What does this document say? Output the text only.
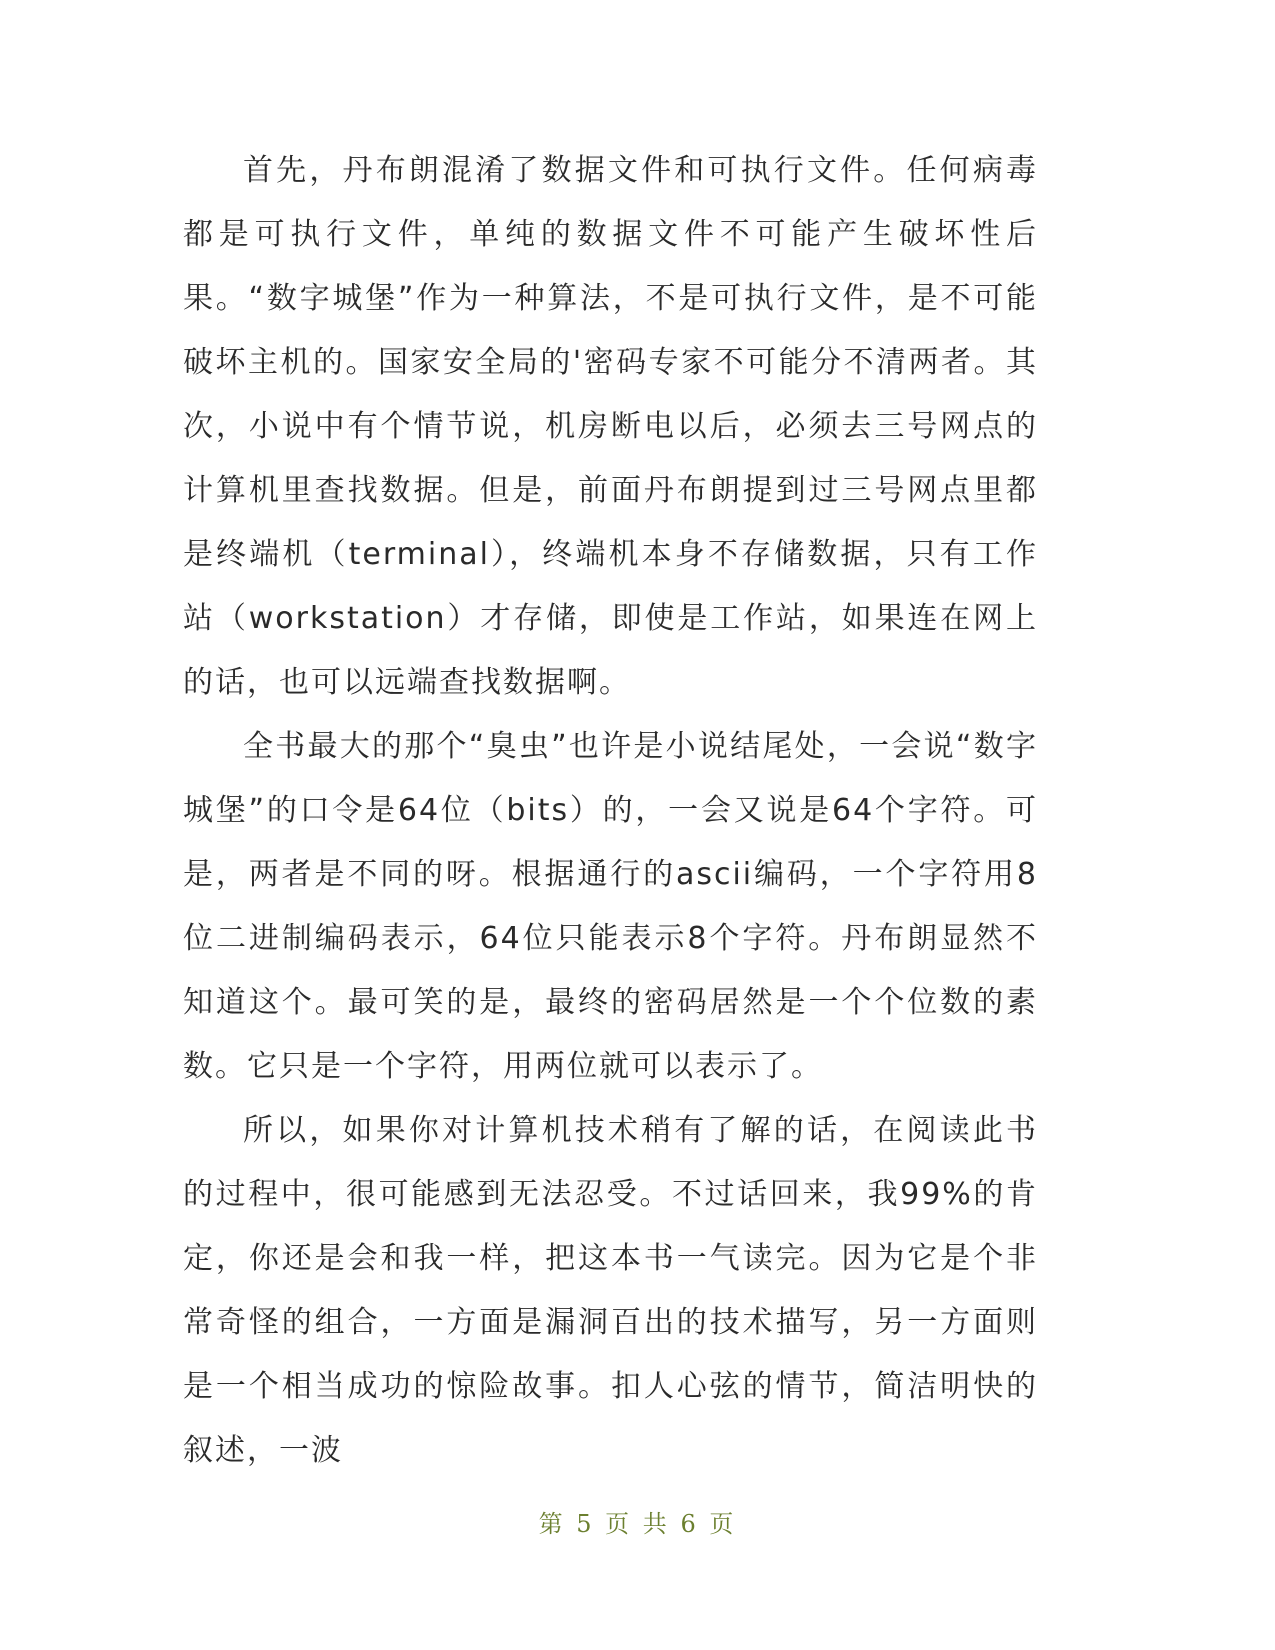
首先，丹布朗混淆了数据文件和可执行文件。任何病毒都是可执行文件，单纯的数据文件不可能产生破坏性后果。“数字城堡”作为一种算法，不是可执行文件，是不可能破坏主机的。国家安全局的'密码专家不可能分不清两者。其次，小说中有个情节说，机房断电以后，必须去三号网点的计算机里查找数据。但是，前面丹布朗提到过三号网点里都是终端机（terminal），终端机本身不存储数据，只有工作站（workstation）才存储，即使是工作站，如果连在网上的话，也可以远端查找数据啊。

全书最大的那个“臭虫”也许是小说结尾处，一会说“数字城堡”的口令是64位（bits）的，一会又说是64个字符。可是，两者是不同的呀。根据通行的ascii编码，一个字符用8位二进制编码表示，64位只能表示8个字符。丹布朗显然不知道这个。最可笑的是，最终的密码居然是一个个位数的素数。它只是一个字符，用两位就可以表示了。

所以，如果你对计算机技术稍有了解的话，在阅读此书的过程中，很可能感到无法忍受。不过话回来，我99%的肯定，你还是会和我一样，把这本书一气读完。因为它是个非常奇怪的组合，一方面是漏洞百出的技术描写，另一方面则是一个相当成功的惊险故事。扣人心弦的情节，简洁明快的叙述，一波

第 5 页 共 6 页
